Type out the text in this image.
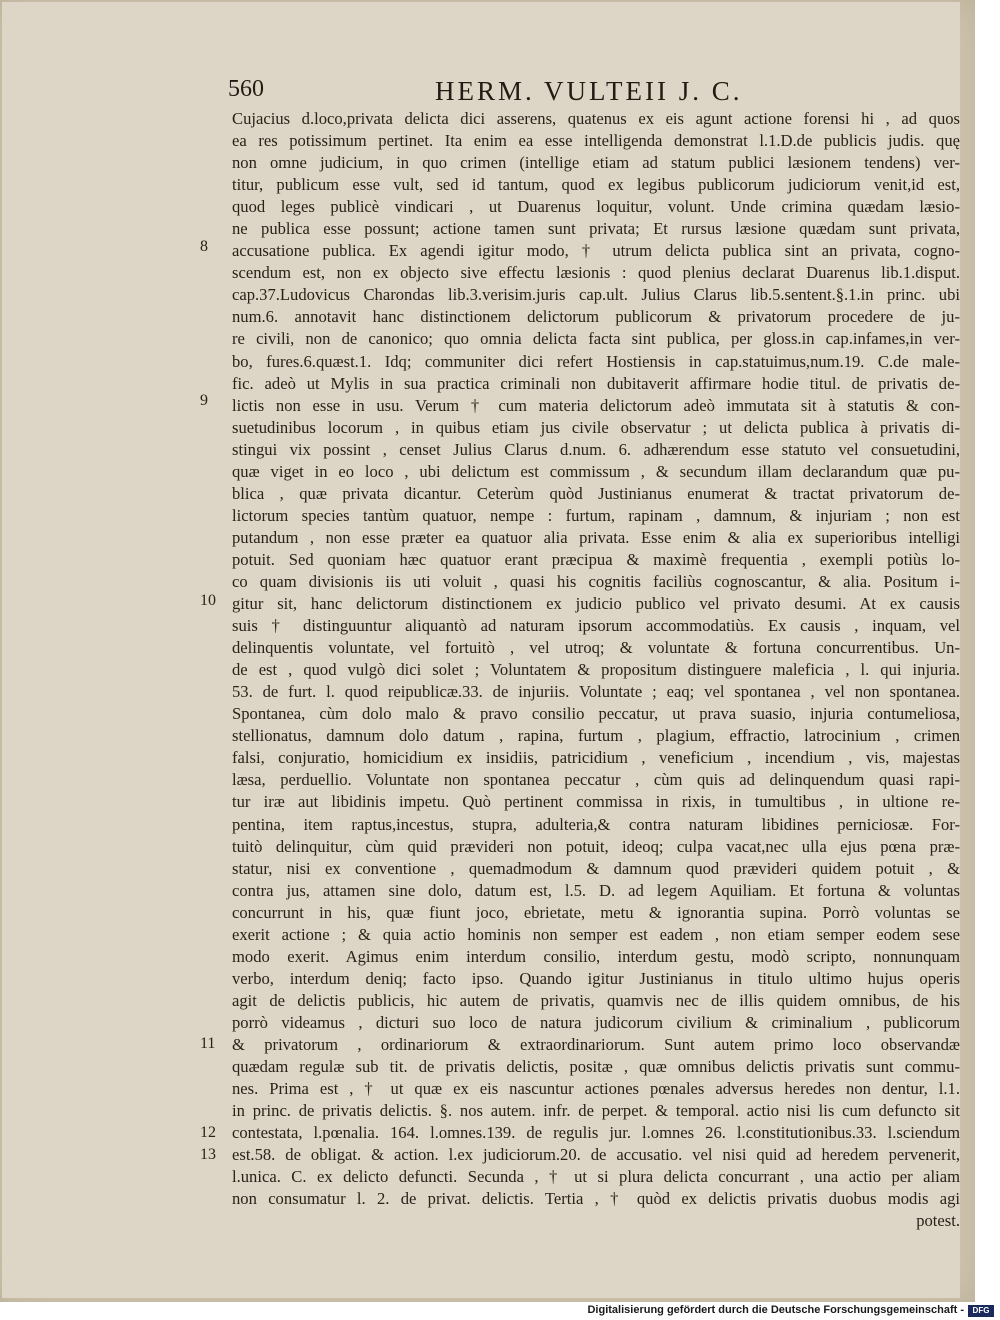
560	HERM. VULTEII J. C.
8
9
10
11
12
13
Cujacius d.loco,privata delicta dici asserens, quatenus ex eis agunt actione forensi hi , ad quos
ea res potissimum pertinet. Ita enim ea esse intelligenda demonstrat l.1.D.de publicis judis. quę
non omne judicium, in quo crimen (intellige etiam ad statum publici læsionem tendens) ver-
titur, publicum esse vult, sed id tantum, quod ex legibus publicorum judiciorum venit,id est,
quod leges publicè vindicari , ut Duarenus loquitur, volunt. Unde crimina quædam læsio-
ne publica esse possunt; actione tamen sunt privata; Et rursus læsione quædam sunt privata,
accusatione publica. Ex agendi igitur modo, † utrum delicta publica sint an privata, cogno-
scendum est, non ex objecto sive effectu læsionis : quod plenius declarat Duarenus lib.1.disput.
cap.37.Ludovicus Charondas lib.3.verisim.juris cap.ult. Julius Clarus lib.5.sentent.§.1.in princ. ubi
num.6. annotavit hanc distinctionem delictorum publicorum & privatorum procedere de ju-
re civili, non de canonico; quo omnia delicta facta sint publica, per gloss.in cap.infames,in ver-
bo, fures.6.quæst.1. Idq; communiter dici refert Hostiensis in cap.statuimus,num.19. C.de male-
fic. adeò ut Mylis in sua practica criminali non dubitaverit affirmare hodie titul. de privatis de-
lictis non esse in usu. Verum † cum materia delictorum adeò immutata sit à statutis & con-
suetudinibus locorum , in quibus etiam jus civile observatur ; ut delicta publica à privatis di-
stingui vix possint , censet Julius Clarus d.num. 6. adhærendum esse statuto vel consuetudini,
quæ viget in eo loco , ubi delictum est commissum , & secundum illam declarandum quæ pu-
blica , quæ privata dicantur. Ceterùm quòd Justinianus enumerat & tractat privatorum de-
lictorum species tantùm quatuor, nempe : furtum, rapinam , damnum, & injuriam ; non est
putandum , non esse præter ea quatuor alia privata. Esse enim & alia ex superioribus intelligi
potuit. Sed quoniam hæc quatuor erant præcipua & maximè frequentia , exempli potiùs lo-
co quam divisionis iis uti voluit , quasi his cognitis faciliùs cognoscantur, & alia. Positum i-
gitur sit, hanc delictorum distinctionem ex judicio publico vel privato desumi. At ex causis
suis † distinguuntur aliquantò ad naturam ipsorum accommodatiùs. Ex causis , inquam, vel
delinquentis voluntate, vel fortuitò , vel utroq; & voluntate & fortuna concurrentibus. Un-
de est , quod vulgò dici solet ; Voluntatem & propositum distinguere maleficia , l. qui injuria.
53. de furt. l. quod reipublicæ.33. de injuriis. Voluntate ; eaq; vel spontanea , vel non spontanea.
Spontanea, cùm dolo malo & pravo consilio peccatur, ut prava suasio, injuria contumeliosa,
stellionatus, damnum dolo datum , rapina, furtum , plagium, effractio, latrocinium , crimen
falsi, conjuratio, homicidium ex insidiis, patricidium , veneficium , incendium , vis, majestas
læsa, perduellio. Voluntate non spontanea peccatur , cùm quis ad delinquendum quasi rapi-
tur iræ aut libidinis impetu. Quò pertinent commissa in rixis, in tumultibus , in ultione re-
pentina, item raptus,incestus, stupra, adulteria,& contra naturam libidines perniciosæ. For-
tuitò delinquitur, cùm quid prævideri non potuit, ideoq; culpa vacat,nec ulla ejus pœna præ-
statur, nisi ex conventione , quemadmodum & damnum quod prævideri quidem potuit , &
contra jus, attamen sine dolo, datum est, l.5. D. ad legem Aquiliam. Et fortuna & voluntas
concurrunt in his, quæ fiunt joco, ebrietate, metu & ignorantia supina. Porrò voluntas se
exerit actione ; & quia actio hominis non semper est eadem , non etiam semper eodem sese
modo exerit. Agimus enim interdum consilio, interdum gestu, modò scripto, nonnunquam
verbo, interdum deniq; facto ipso. Quando igitur Justinianus in titulo ultimo hujus operis
agit de delictis publicis, hic autem de privatis, quamvis nec de illis quidem omnibus, de his
porrò videamus , dicturi suo loco de natura judicorum civilium & criminalium , publicorum
& privatorum , ordinariorum & extraordinariorum. Sunt autem primo loco observandæ
quædam regulæ sub tit. de privatis delictis, positæ , quæ omnibus delictis privatis sunt commu-
nes. Prima est , † ut quæ ex eis nascuntur actiones pœnales adversus heredes non dentur, l.1.
in princ. de privatis delictis. §. nos autem. infr. de perpet. & temporal. actio nisi lis cum defuncto sit
contestata, l.pœnalia. 164. l.omnes.139. de regulis jur. l.omnes 26. l.constitutionibus.33. l.sciendum
est.58. de obligat. & action. l.ex judiciorum.20. de accusatio. vel nisi quid ad heredem pervenerit,
l.unica. C. ex delicto defuncti. Secunda , † ut si plura delicta concurrant , una actio per aliam
non consumatur l. 2. de privat. delictis. Tertia , † quòd ex delictis privatis duobus modis agi
potest.
Digitalisierung gefördert durch die Deutsche Forschungsgemeinschaft -	DFG
